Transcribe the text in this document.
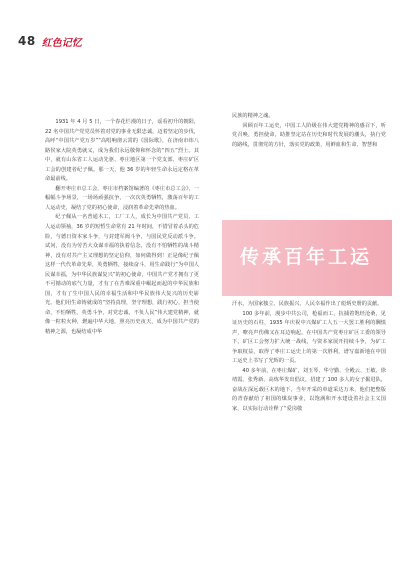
48 红色记忆

1931 年 4 月 5 日，一个春花烂漫的日子，谣看初升的朝阳，22 名中国共产党党员怀着对党的事业无限忠诚，迈着坚定的步伐，高呼“中国共产党万岁”“高唱响彻云霄的《国际歌》，在济南市纬八路侯家大院英勇就义，成为我们永远敬仰和怀念的“四五”烈士。其中，就有山东省工人运动先驱、枣庄地区第一个党支部、枣庄矿区工会的创建者纪子佩。那一天，他 36 岁的年轻生命永远定格在革命最前线。

翻开枣庄市总工会、枣庄市档案馆编著的《枣庄市总工会》，一幅幅斗争场景，一场场顽强抗争，一次次英勇牺牲，激荡百年的工人运动史，凝结了党的初心使命，浸润着革命先辈的热血。

纪子佩从一名普通木工，工厂工人，成长为中国共产党员、工人运动领袖，36 岁的短暂生命常有 21 年时间，不惜冒着杀头的危险，与德日资本家斗争，与封建军阀斗争，与国民党反动派斗争。试问，没有为劳苦大众谋幸福的执着信念，没有不怕牺牲的战斗精神，没有对共产主义理想的坚定信仰，如何做得到！正是像纪子佩这样一代代革命先辈，英勇牺牲，接续奋斗，用生命践行“为中国人民谋幸福，为中华民族谋复兴”的初心使命，中国共产党才拥有了更不可撼动的底气力量，才有了在苦难深重中崛起而起的中华民族和国，才有了生中国人民的幸福生活和中华民族伟大复兴的历史崭光。他们用生命铸就成的“坚持真理，坚守理想，践行初心，担当使命，不怕牺牲，英勇斗争，对党忠诚，不负人民”伟大建党精神，就像一粒粒火种，燃遍中华大地，照亮历史夜天，成为中国共产党的精神之源，也凝结成中华

民族的精神之魂。

回顾百年工运史，中国工人阶级在伟大建党精神的感召下，听党召唤，勇担使命，助推坚定站在历史和时代发展的潮头，执行党的路线，贯彻党的方针，落实党的政策，用鲜血和生命、智慧和

传承百年工运

汗水，为国家独立、民族振兴、人民幸福作出了彪炳史册的贡献。

100 多年前，漫步中共公司，枪福而工，抗捕着饱经沧桑，见证历史的石柱，1935 年庆祝中兴煤矿工人五一大罢工胜利的酬慎声，嘹亮声伤佛又在耳边响起。在中国共产党枣庄矿区工委的领导下，矿区工会努力扩大统一战线，与资本家展开持续斗争，为矿工争取权益，取得了枣庄工运史上的第一次胜利，谱写嘉新地在中国工运史上书写了光辉的一页。

40 多年前，在枣庄煤矿，刘玉琴、华守勤、全殿云、王敏、徐靖霞、张秀新、高炼华发出倡议，招建了 100 多人的女子掘进队，奋战在深远载巨木的地下，当年开采的单道采达万米，他们把整版的青春献给了祖国的煤炭事业，以饱满和开水建设着社会主义国家，以实际行动诠释了“爱岗敬
